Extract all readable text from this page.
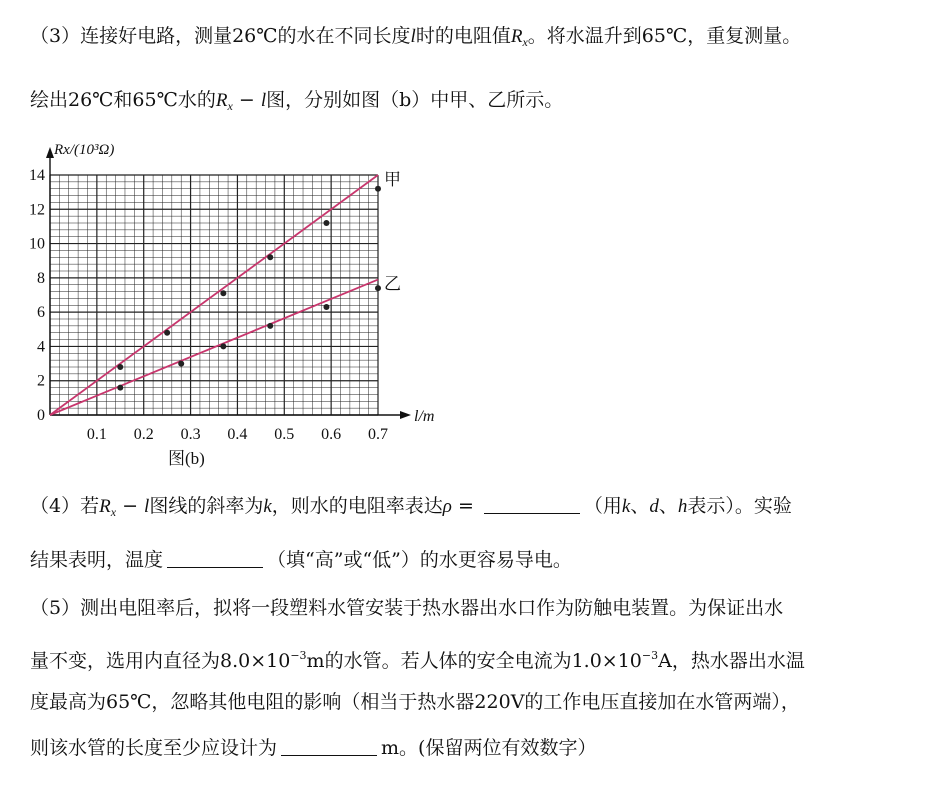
（3）连接好电路，测量26℃的水在不同长度l时的电阻值$R_x$。将水温升到65℃，重复测量。
绘出26℃和65℃水的$R_x - l$图，分别如图（b）中甲、乙所示。
0
2
4
6
8
10
12
14
0.1 0.2 0.3 0.4 0.5 0.6 0.7
甲
乙
Rx/(10³Ω)
l/m
图(b)
（4）若$R_x - l$图线的斜率为k，则水的电阻率表达ρ =	（用k、d、h表示）。实验
结果表明，温度	（填“高”或“低”）的水更容易导电。
（5）测出电阻率后，拟将一段塑料水管安装于热水器出水口作为防触电装置。为保证出水
量不变，选用内直径为$8.0\times 10^{-3}m$的水管。若人体的安全电流为$1.0\times 10^{-3}A$，热水器出水温
度最高为65℃，忽略其他电阻的影响（相当于热水器220V的工作电压直接加在水管两端），
则该水管的长度至少应设计为	m。(保留两位有效数字）
